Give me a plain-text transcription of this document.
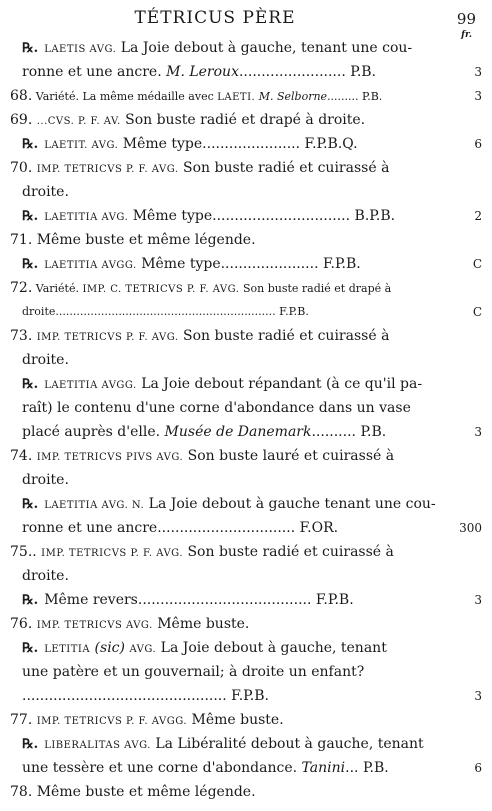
TÉTRICUS PÈRE	99
fr.
℞. LAETIS AVG. La Joie debout à gauche, tenant une cou-
ronne et une ancre. M. Leroux........................ P.B.	3
68. Variété. La même médaille avec LAETI. M. Selborne......... P.B.	3
69. ...CVS. P. F. AV. Son buste radié et drapé à droite.
℞. LAETIT. AVG. Même type...................... F.P.B.Q.	6
70. IMP. TETRICVS P. F. AVG. Son buste radié et cuirassé à
droite.
℞. LAETITIA AVG. Même type............................... B.P.B.	2
71. Même buste et même légende.
℞. LAETITIA AVGG. Même type...................... F.P.B.	C
72. Variété. IMP. C. TETRICVS P. F. AVG. Son buste radié et drapé à
droite............................................................... F.P.B.	C
73. IMP. TETRICVS P. F. AVG. Son buste radié et cuirassé à
droite.
℞. LAETITIA AVGG. La Joie debout répandant (à ce qu'il pa-
raît) le contenu d'une corne d'abondance dans un vase
placé auprès d'elle. Musée de Danemark.......... P.B.	3
74. IMP. TETRICVS PIVS AVG. Son buste lauré et cuirassé à
droite.
℞. LAETITIA AVG. N. La Joie debout à gauche tenant une cou-
ronne et une ancre............................... F.OR.	300
75.. IMP. TETRICVS P. F. AVG. Son buste radié et cuirassé à
droite.
℞. Même revers....................................... F.P.B.	3
76. IMP. TETRICVS AVG. Même buste.
℞. LETITIA (sic) AVG. La Joie debout à gauche, tenant
une patère et un gouvernail; à droite un enfant?
.............................................. F.P.B.	3
77. IMP. TETRICVS P. F. AVGG. Même buste.
℞. LIBERALITAS AVG. La Libéralité debout à gauche, tenant
une tessère et une corne d'abondance. Tanini... P.B.	6
78. Même buste et même légende.
